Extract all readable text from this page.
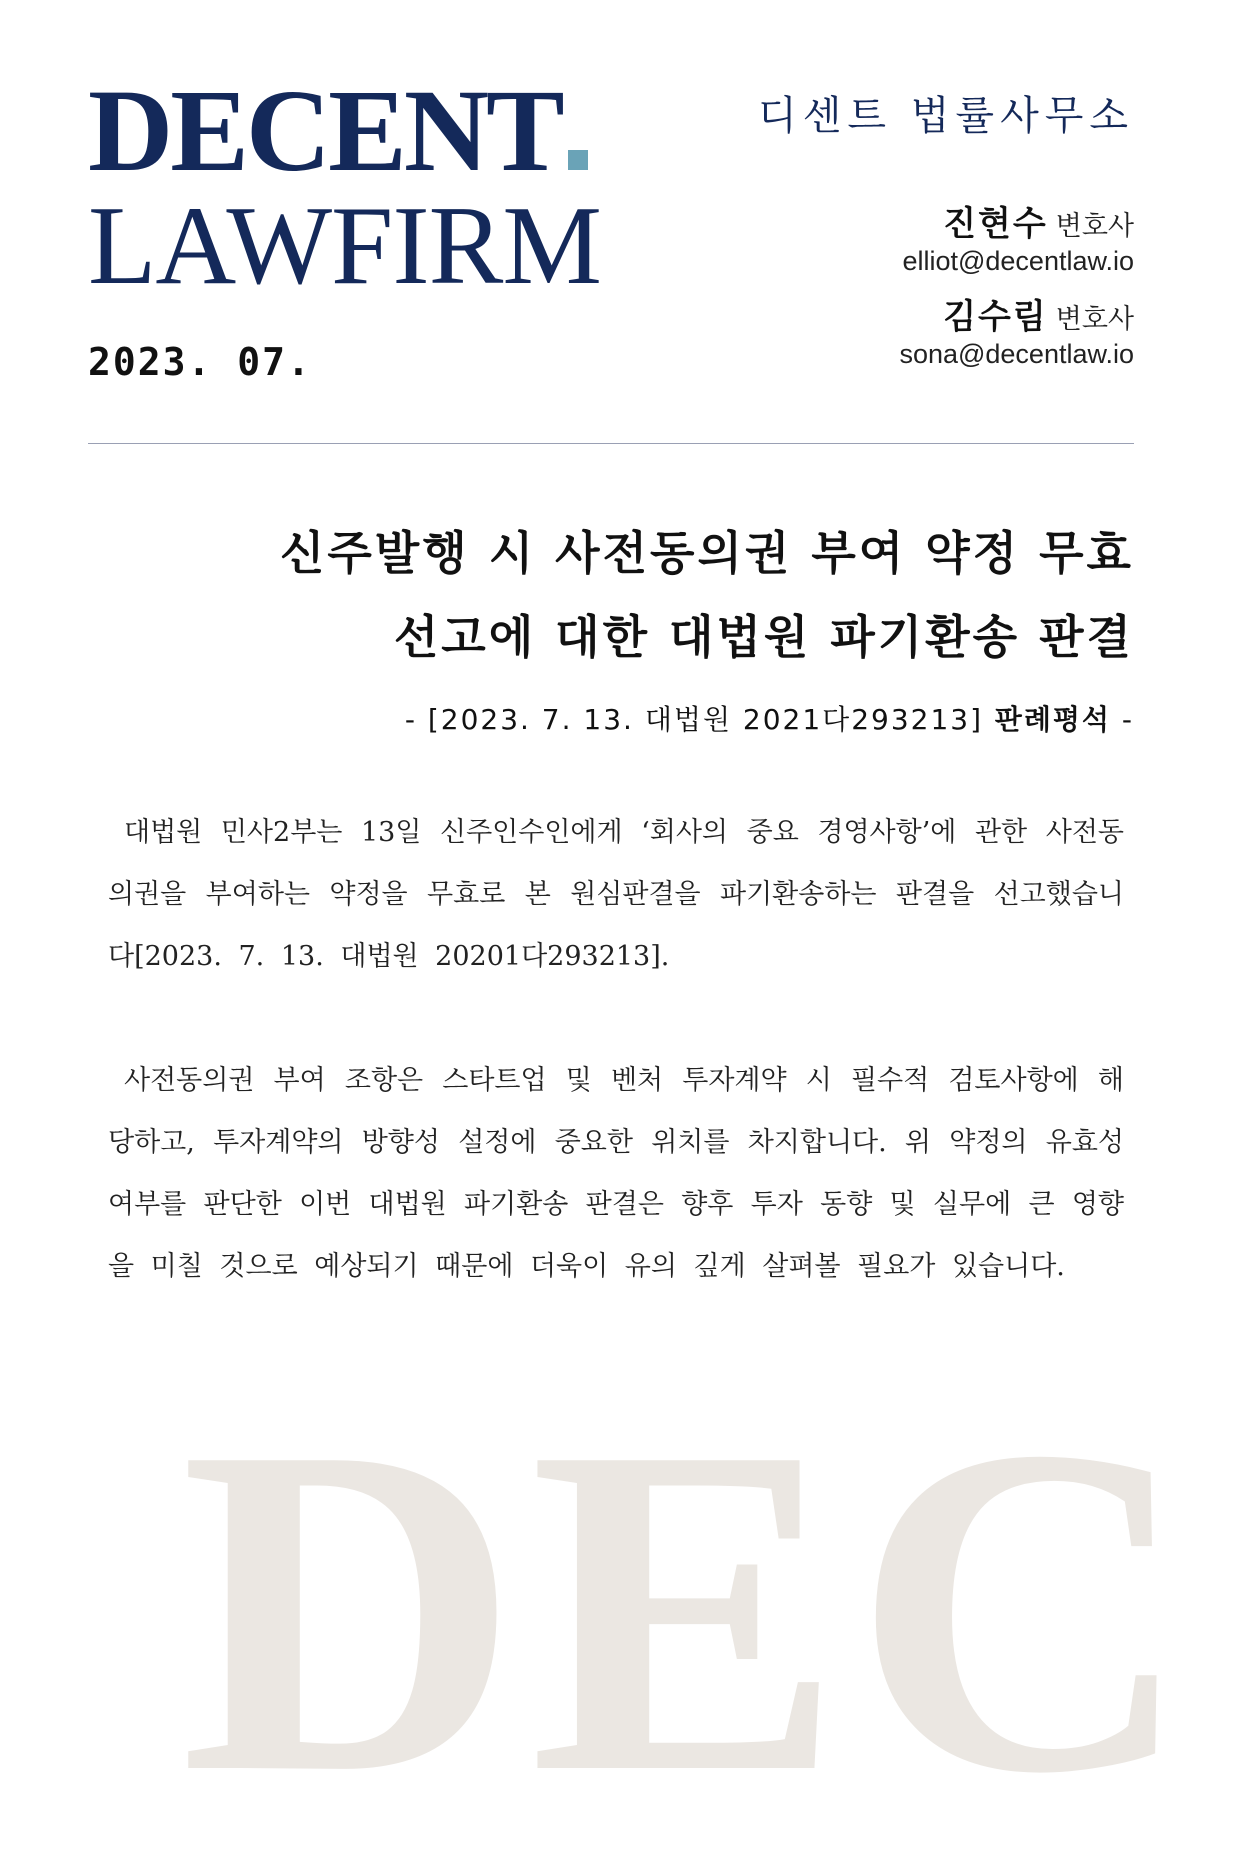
DEC
DECENT
LAWFIRM
2023. 07.
디센트 법률사무소
진현수 변호사
elliot@decentlaw.io
김수림 변호사
sona@decentlaw.io
신주발행 시 사전동의권 부여 약정 무효
선고에 대한 대법원 파기환송 판결
- [2023. 7. 13. 대법원 2021다293213] 판례평석 -

대법원 민사2부는 13일 신주인수인에게 ‘회사의 중요 경영사항’에 관한 사전동의권을 부여하는 약정을 무효로 본 원심판결을 파기환송하는 판결을 선고했습니다[2023. 7. 13. 대법원 20201다293213].

사전동의권 부여 조항은 스타트업 및 벤처 투자계약 시 필수적 검토사항에 해당하고, 투자계약의 방향성 설정에 중요한 위치를 차지합니다. 위 약정의 유효성 여부를 판단한 이번 대법원 파기환송 판결은 향후 투자 동향 및 실무에 큰 영향을 미칠 것으로 예상되기 때문에 더욱이 유의 깊게 살펴볼 필요가 있습니다.
